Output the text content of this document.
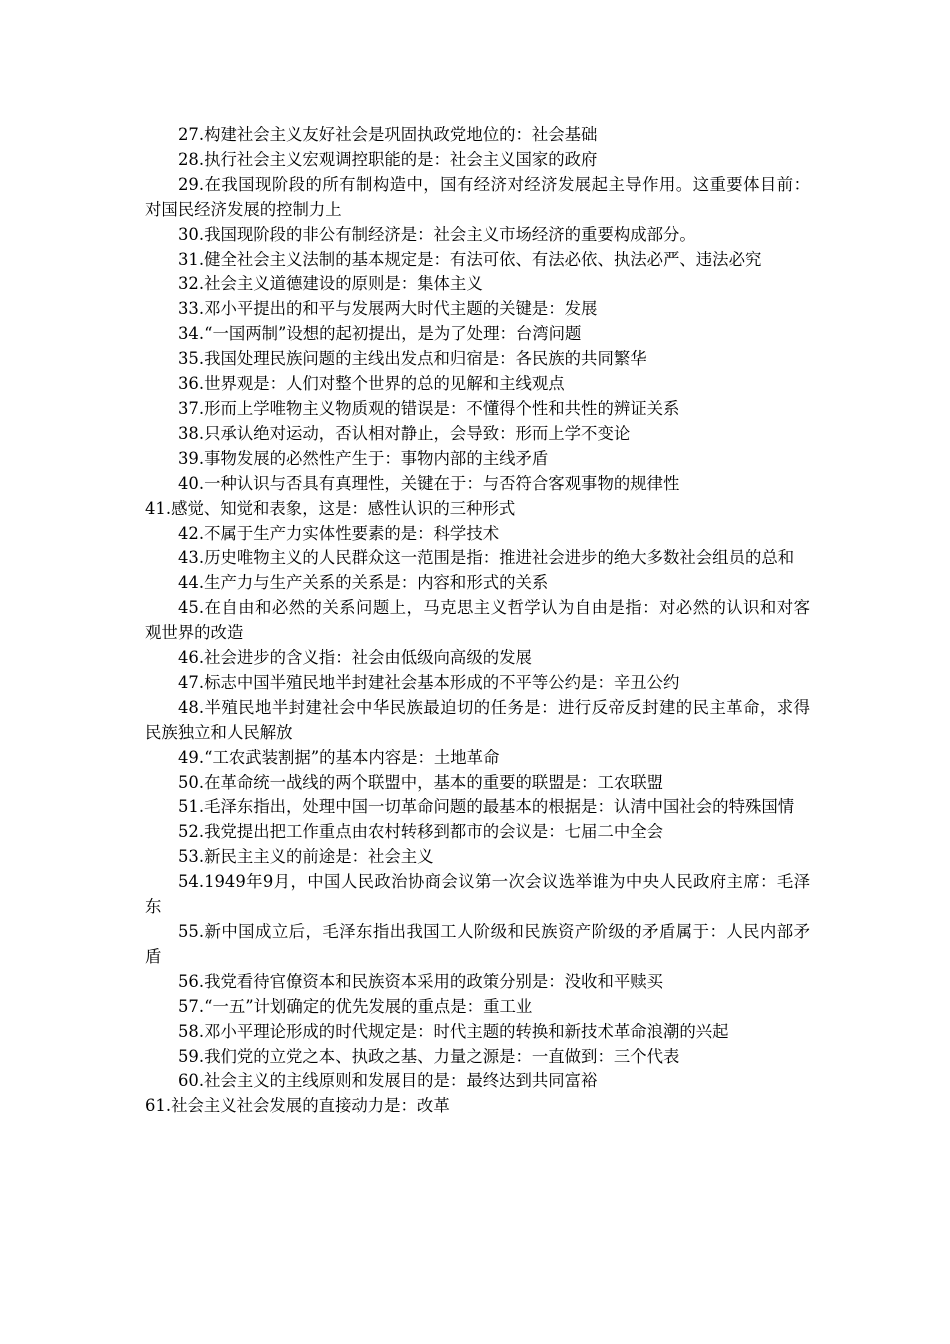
27.构建社会主义友好社会是巩固执政党地位的：社会基础

28.执行社会主义宏观调控职能的是：社会主义国家的政府

29.在我国现阶段的所有制构造中，国有经济对经济发展起主导作用。这重要体目前：对国民经济发展的控制力上

30.我国现阶段的非公有制经济是：社会主义市场经济的重要构成部分。

31.健全社会主义法制的基本规定是：有法可依、有法必依、执法必严、违法必究

32.社会主义道德建设的原则是：集体主义

33.邓小平提出的和平与发展两大时代主题的关键是：发展

34.“一国两制”设想的起初提出，是为了处理：台湾问题

35.我国处理民族问题的主线出发点和归宿是：各民族的共同繁华

36.世界观是：人们对整个世界的总的见解和主线观点

37.形而上学唯物主义物质观的错误是：不懂得个性和共性的辨证关系

38.只承认绝对运动，否认相对静止，会导致：形而上学不变论

39.事物发展的必然性产生于：事物内部的主线矛盾

40.一种认识与否具有真理性，关键在于：与否符合客观事物的规律性

41.感觉、知觉和表象，这是：感性认识的三种形式

42.不属于生产力实体性要素的是：科学技术

43.历史唯物主义的人民群众这一范围是指：推进社会进步的绝大多数社会组员的总和

44.生产力与生产关系的关系是：内容和形式的关系

45.在自由和必然的关系问题上，马克思主义哲学认为自由是指：对必然的认识和对客观世界的改造

46.社会进步的含义指：社会由低级向高级的发展

47.标志中国半殖民地半封建社会基本形成的不平等公约是：辛丑公约

48.半殖民地半封建社会中华民族最迫切的任务是：进行反帝反封建的民主革命，求得民族独立和人民解放

49.“工农武装割据”的基本内容是：土地革命

50.在革命统一战线的两个联盟中，基本的重要的联盟是：工农联盟

51.毛泽东指出，处理中国一切革命问题的最基本的根据是：认清中国社会的特殊国情

52.我党提出把工作重点由农村转移到都市的会议是：七届二中全会

53.新民主主义的前途是：社会主义

54.1949年9月，中国人民政治协商会议第一次会议选举谁为中央人民政府主席：毛泽东

55.新中国成立后，毛泽东指出我国工人阶级和民族资产阶级的矛盾属于：人民内部矛盾

56.我党看待官僚资本和民族资本采用的政策分别是：没收和平赎买

57.“一五”计划确定的优先发展的重点是：重工业

58.邓小平理论形成的时代规定是：时代主题的转换和新技术革命浪潮的兴起

59.我们党的立党之本、执政之基、力量之源是：一直做到：三个代表

60.社会主义的主线原则和发展目的是：最终达到共同富裕

61.社会主义社会发展的直接动力是：改革
